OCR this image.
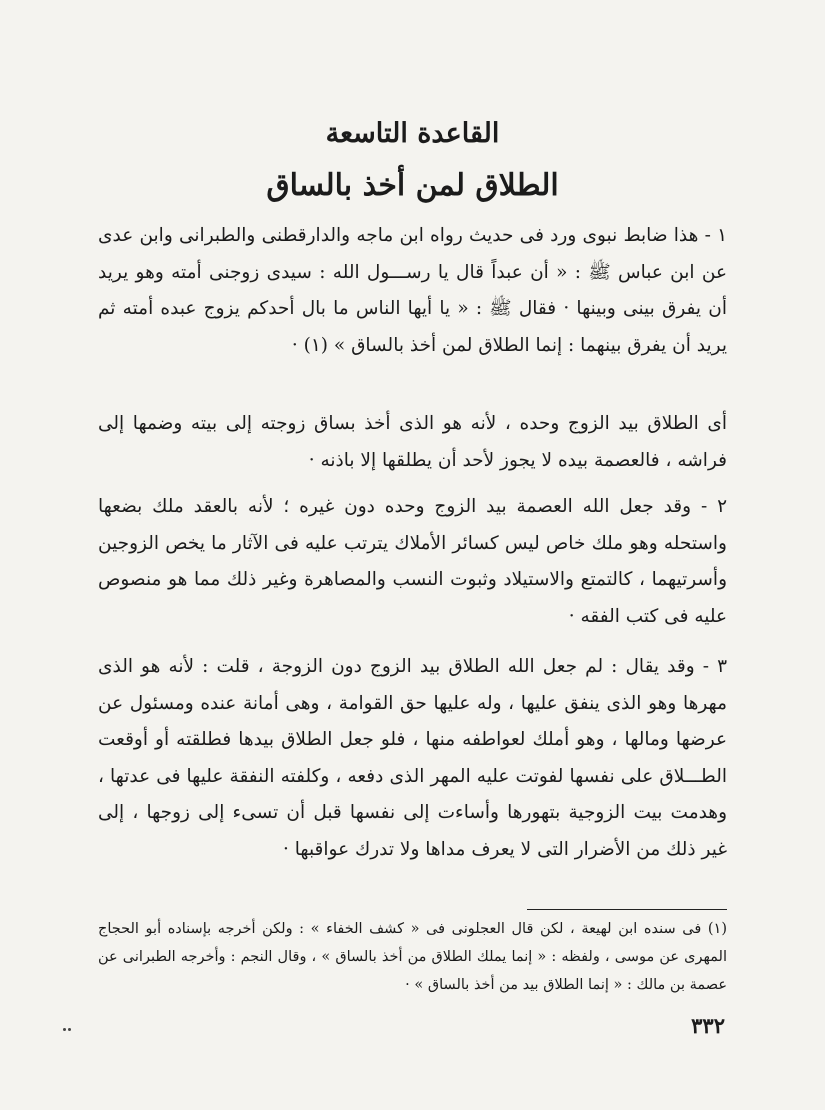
القاعدة التاسعة
الطلاق لمن أخذ بالساق
١ - هذا ضابط نبوى ورد فى حديث رواه ابن ماجه والدارقطنى والطبرانى وابن عدى عن ابن عباس ﷺ : « أن عبداً قال يا رســـول الله : سيدى زوجنى أمته وهو يريد أن يفرق بينى وبينها · فقال ﷺ : « يا أيها الناس ما بال أحدكم يزوج عبده أمته ثم يريد أن يفرق بينهما : إنما الطلاق لمن أخذ بالساق » (١) ·
أى الطلاق بيد الزوج وحده ، لأنه هو الذى أخذ بساق زوجته إلى بيته وضمها إلى فراشه ، فالعصمة بيده لا يجوز لأحد أن يطلقها إلا باذنه ·
٢ - وقد جعل الله العصمة بيد الزوج وحده دون غيره ؛ لأنه بالعقد ملك بضعها واستحله وهو ملك خاص ليس كسائر الأملاك يترتب عليه فى الآثار ما يخص الزوجين وأسرتيهما ، كالتمتع والاستيلاد وثبوت النسب والمصاهرة وغير ذلك مما هو منصوص عليه فى كتب الفقه ·
٣ - وقد يقال : لم جعل الله الطلاق بيد الزوج دون الزوجة ، قلت : لأنه هو الذى مهرها وهو الذى ينفق عليها ، وله عليها حق القوامة ، وهى أمانة عنده ومسئول عن عرضها ومالها ، وهو أملك لعواطفه منها ، فلو جعل الطلاق بيدها فطلقته أو أوقعت الطـــلاق على نفسها لفوتت عليه المهر الذى دفعه ، وكلفته النفقة عليها فى عدتها ، وهدمت بيت الزوجية بتهورها وأساءت إلى نفسها قبل أن تسىء إلى زوجها ، إلى غير ذلك من الأضرار التى لا يعرف مداها ولا تدرك عواقبها ·
(١) فى سنده ابن لهيعة ، لكن قال العجلونى فى « كشف الخفاء » : ولكن أخرجه بإسناده أبو الحجاج المهرى عن موسى ، ولفظه : « إنما يملك الطلاق من أخذ بالساق » ، وقال النجم : وأخرجه الطبرانى عن عصمة بن مالك : « إنما الطلاق بيد من أخذ بالساق » ·
٣٣٢
